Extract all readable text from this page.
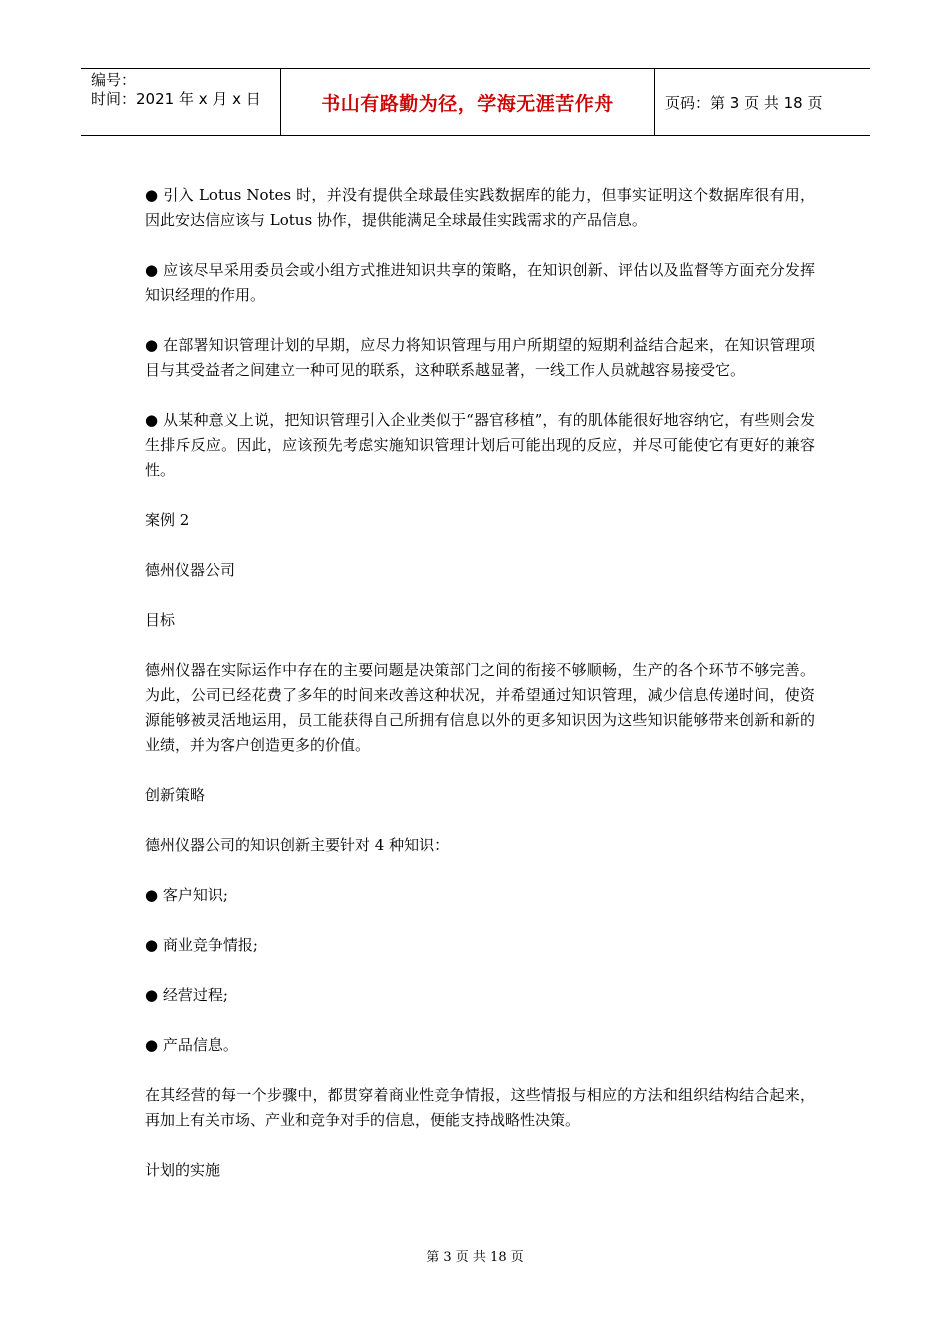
编号：
时间：2021 年 x 月 x 日	书山有路勤为径，学海无涯苦作舟	页码：第 3 页 共 18 页

● 引入 Lotus Notes 时，并没有提供全球最佳实践数据库的能力，但事实证明这个数据库很有用，因此安达信应该与 Lotus 协作，提供能满足全球最佳实践需求的产品信息。

● 应该尽早采用委员会或小组方式推进知识共享的策略，在知识创新、评估以及监督等方面充分发挥知识经理的作用。

● 在部署知识管理计划的早期，应尽力将知识管理与用户所期望的短期利益结合起来，在知识管理项目与其受益者之间建立一种可见的联系，这种联系越显著，一线工作人员就越容易接受它。

● 从某种意义上说，把知识管理引入企业类似于“器官移植”，有的肌体能很好地容纳它，有些则会发生排斥反应。因此，应该预先考虑实施知识管理计划后可能出现的反应，并尽可能使它有更好的兼容性。

案例 2

德州仪器公司

目标

德州仪器在实际运作中存在的主要问题是决策部门之间的衔接不够顺畅，生产的各个环节不够完善。为此，公司已经花费了多年的时间来改善这种状况，并希望通过知识管理，减少信息传递时间，使资源能够被灵活地运用，员工能获得自己所拥有信息以外的更多知识因为这些知识能够带来创新和新的业绩，并为客户创造更多的价值。

创新策略

德州仪器公司的知识创新主要针对 4 种知识：

● 客户知识;

● 商业竞争情报;

● 经营过程;

● 产品信息。

在其经营的每一个步骤中，都贯穿着商业性竞争情报，这些情报与相应的方法和组织结构结合起来，再加上有关市场、产业和竞争对手的信息，便能支持战略性决策。

计划的实施

第 3 页 共 18 页
